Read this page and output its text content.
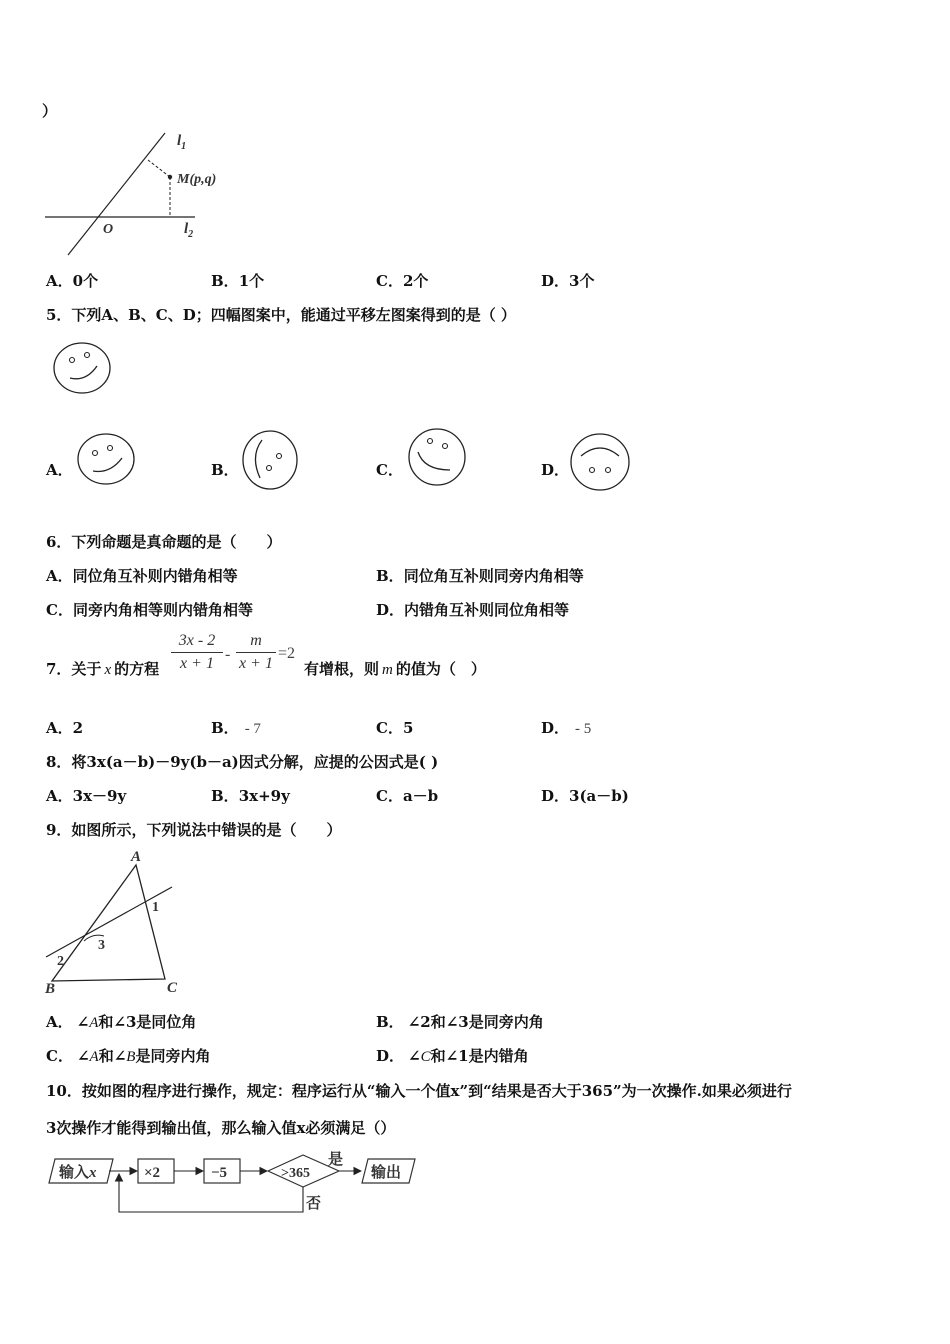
）
$l_1$
M(p,q)
O	$l_2$
A．0个	B．1个	C．2个	D．3个
5．下列A、B、C、D；四幅图案中，能通过平移左图案得到的是（ ）
A．	B．	C．	D．
6．下列命题是真命题的是（　　）
A．同位角互补则内错角相等	B．同位角互补则同旁内角相等
C．同旁内角相等则内错角相等	D．内错角互补则同位角相等
7．关于 x 的方程
3x - 2
x + 1
-
m
x + 1
=2
有增根，则 m 的值为（　）
A．2	B． - 7	C．5	D． - 5
8．将3x(a－b)－9y(b－a)因式分解，应提的公因式是( )
A．3x－9y	B．3x+9y	C．a－b	D．3(a－b)
9．如图所示，下列说法中错误的是（　　）
A
1
3
2
B	C
A． ∠A和∠3是同位角	B． ∠2和∠3是同旁内角
C． ∠A和∠B是同旁内角	D． ∠C和∠1是内错角
10．按如图的程序进行操作，规定：程序运行从“输入一个值x”到“结果是否大于365”为一次操作.如果必须进行
3次操作才能得到输出值，那么输入值x必须满足（）
输入x	×2	−5	>365
是
输出
否
